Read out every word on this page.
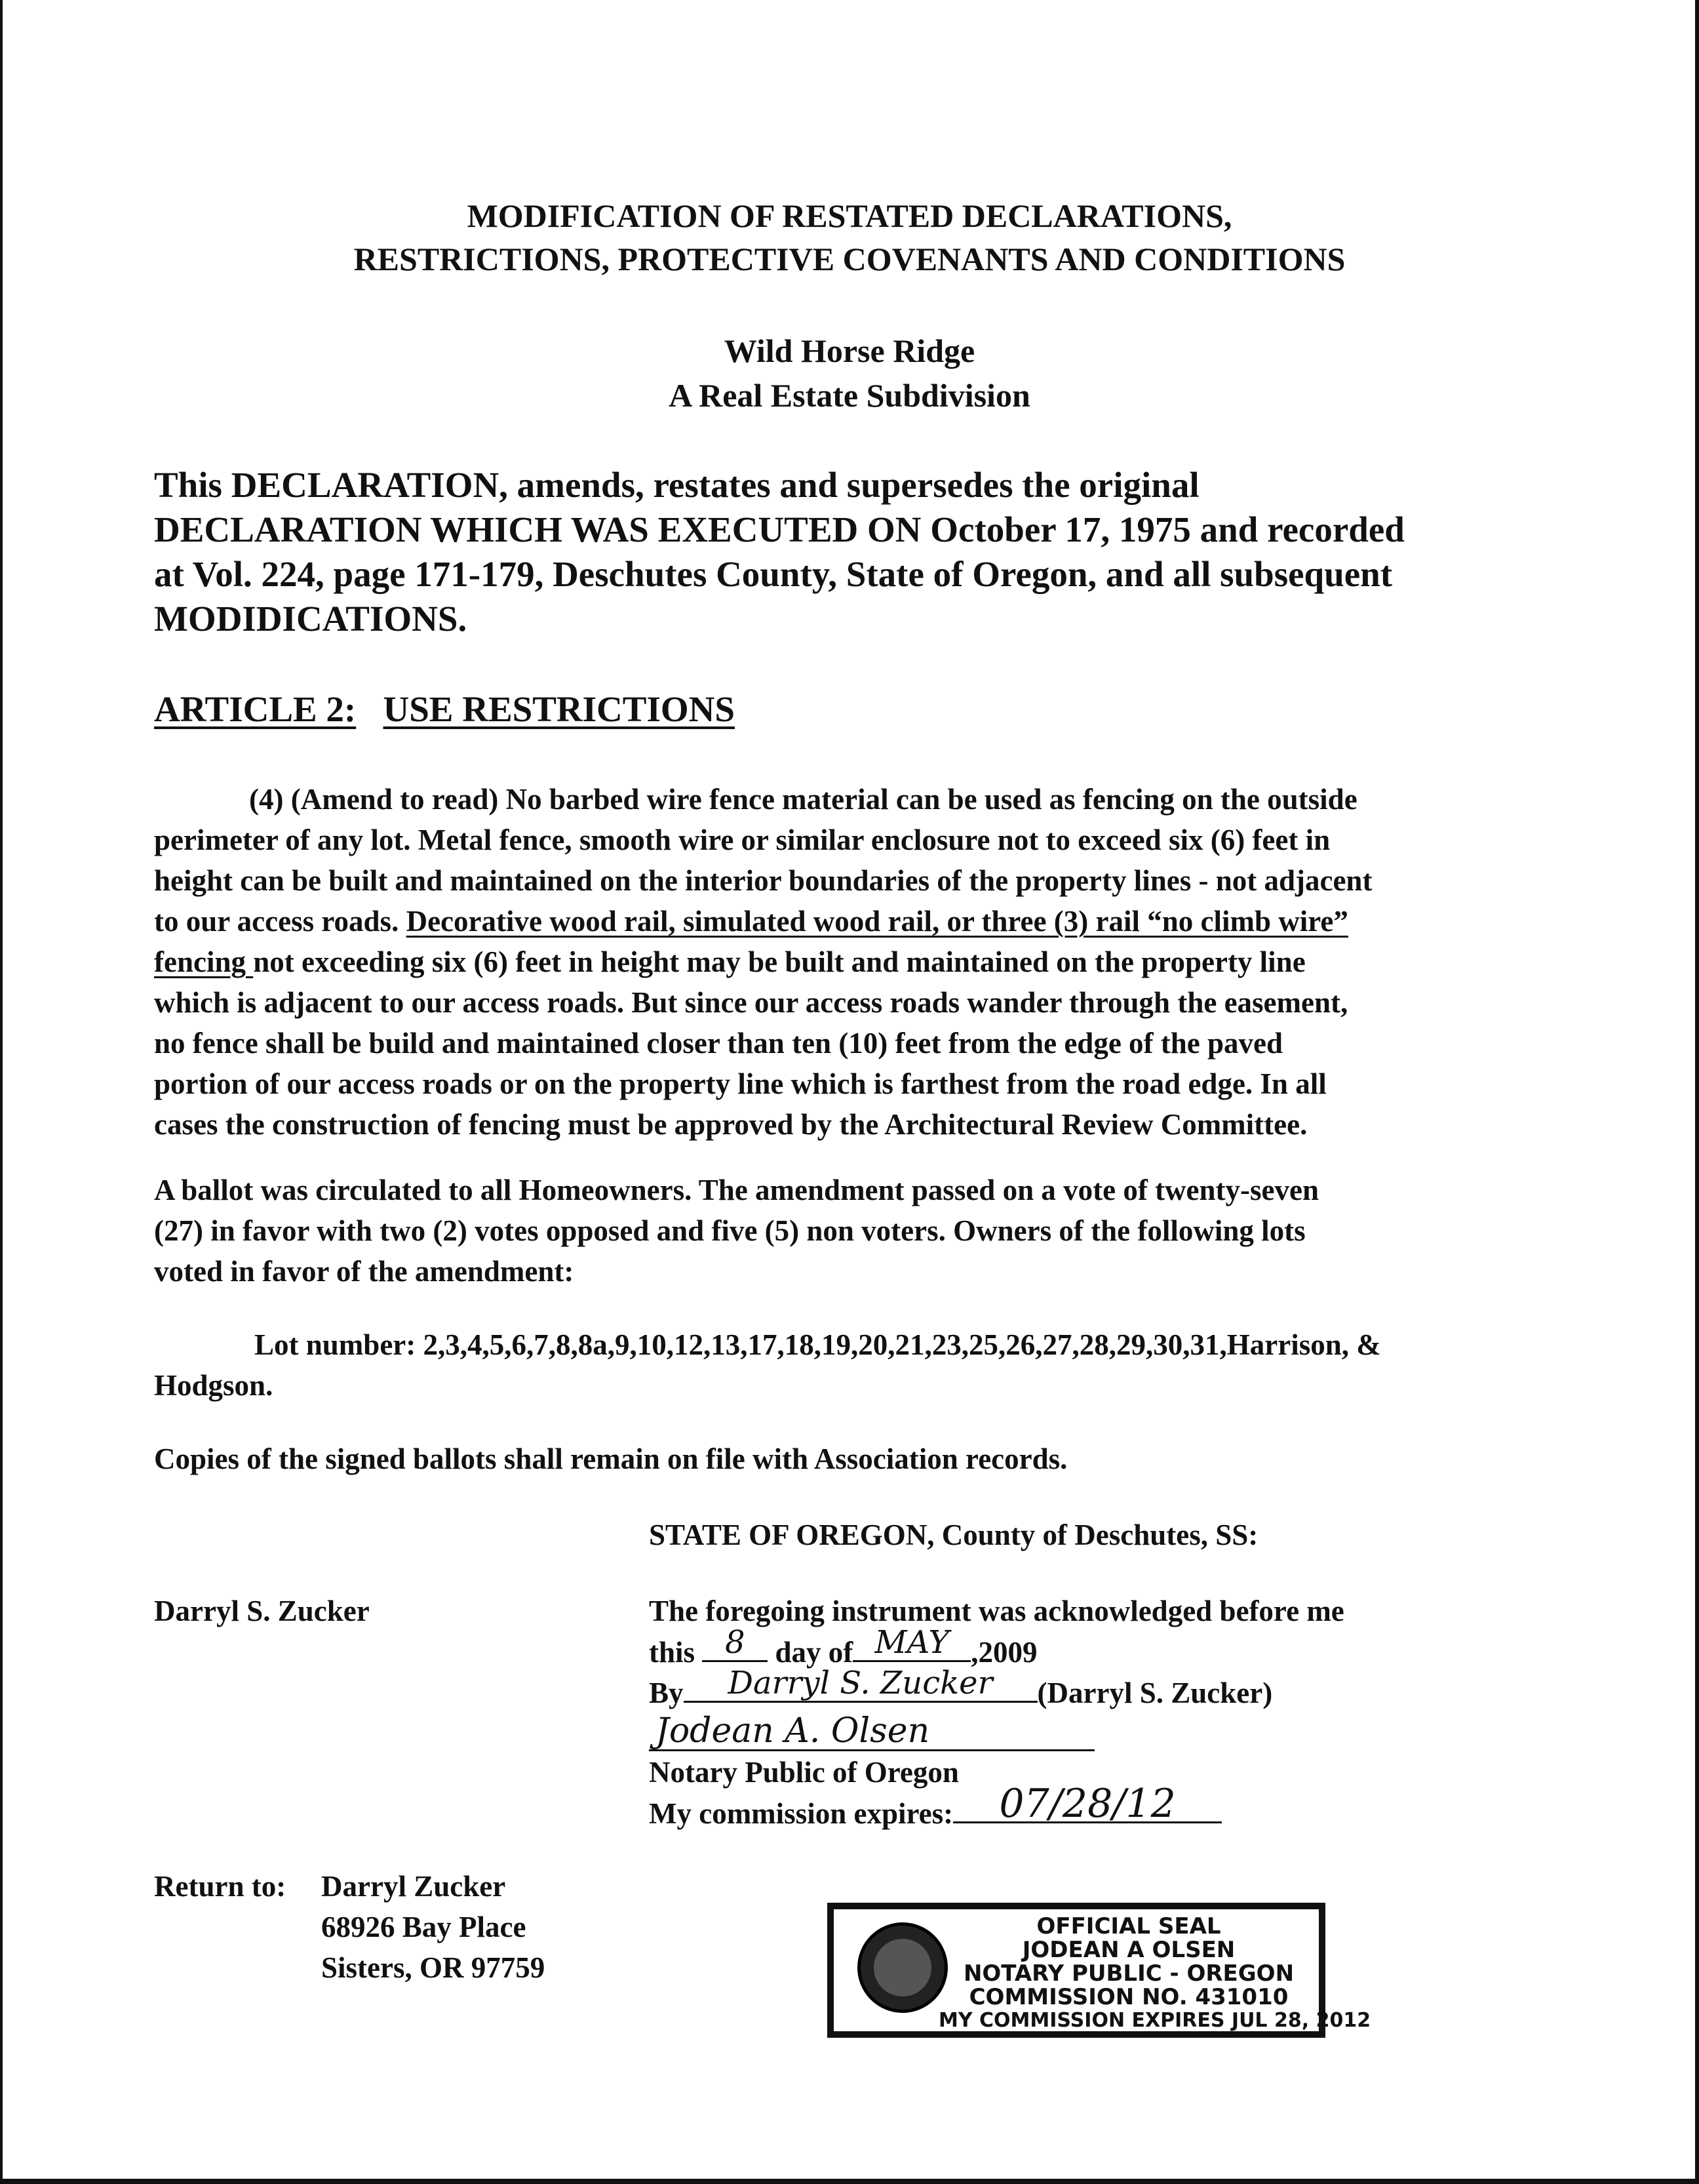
MODIFICATION OF RESTATED DECLARATIONS,
RESTRICTIONS, PROTECTIVE COVENANTS AND CONDITIONS
Wild Horse Ridge
A Real Estate Subdivision
This DECLARATION, amends, restates and supersedes the original
DECLARATION WHICH WAS EXECUTED ON October 17, 1975 and recorded
at Vol. 224, page 171-179, Deschutes County, State of Oregon, and all subsequent
MODIDICATIONS.
ARTICLE 2: USE RESTRICTIONS
(4) (Amend to read) No barbed wire fence material can be used as fencing on the outside
perimeter of any lot. Metal fence, smooth wire or similar enclosure not to exceed six (6) feet in
height can be built and maintained on the interior boundaries of the property lines - not adjacent
to our access roads. Decorative wood rail, simulated wood rail, or three (3) rail “no climb wire”
fencing not exceeding six (6) feet in height may be built and maintained on the property line
which is adjacent to our access roads. But since our access roads wander through the easement,
no fence shall be build and maintained closer than ten (10) feet from the edge of the paved
portion of our access roads or on the property line which is farthest from the road edge. In all
cases the construction of fencing must be approved by the Architectural Review Committee.
A ballot was circulated to all Homeowners. The amendment passed on a vote of twenty-seven
(27) in favor with two (2) votes opposed and five (5) non voters. Owners of the following lots
voted in favor of the amendment:
Lot number: 2,3,4,5,6,7,8,8a,9,10,12,13,17,18,19,20,21,23,25,26,27,28,29,30,31,Harrison, &
Hodgson.
Copies of the signed ballots shall remain on file with Association records.
STATE OF OREGON, County of Deschutes, SS:
Darryl S. Zucker	The foregoing instrument was acknowledged before me
this 8	day of MAY ,2009
By	Darryl S. Zucker	(Darryl S. Zucker)
Jodean A. Olsen
Notary Public of Oregon
My commission expires:	07/28/12
Return to: Darryl Zucker
68926 Bay Place
Sisters, OR 97759
OFFICIAL SEAL
JODEAN A OLSEN
NOTARY PUBLIC - OREGON
COMMISSION NO. 431010
MY COMMISSION EXPIRES JUL 28, 2012
